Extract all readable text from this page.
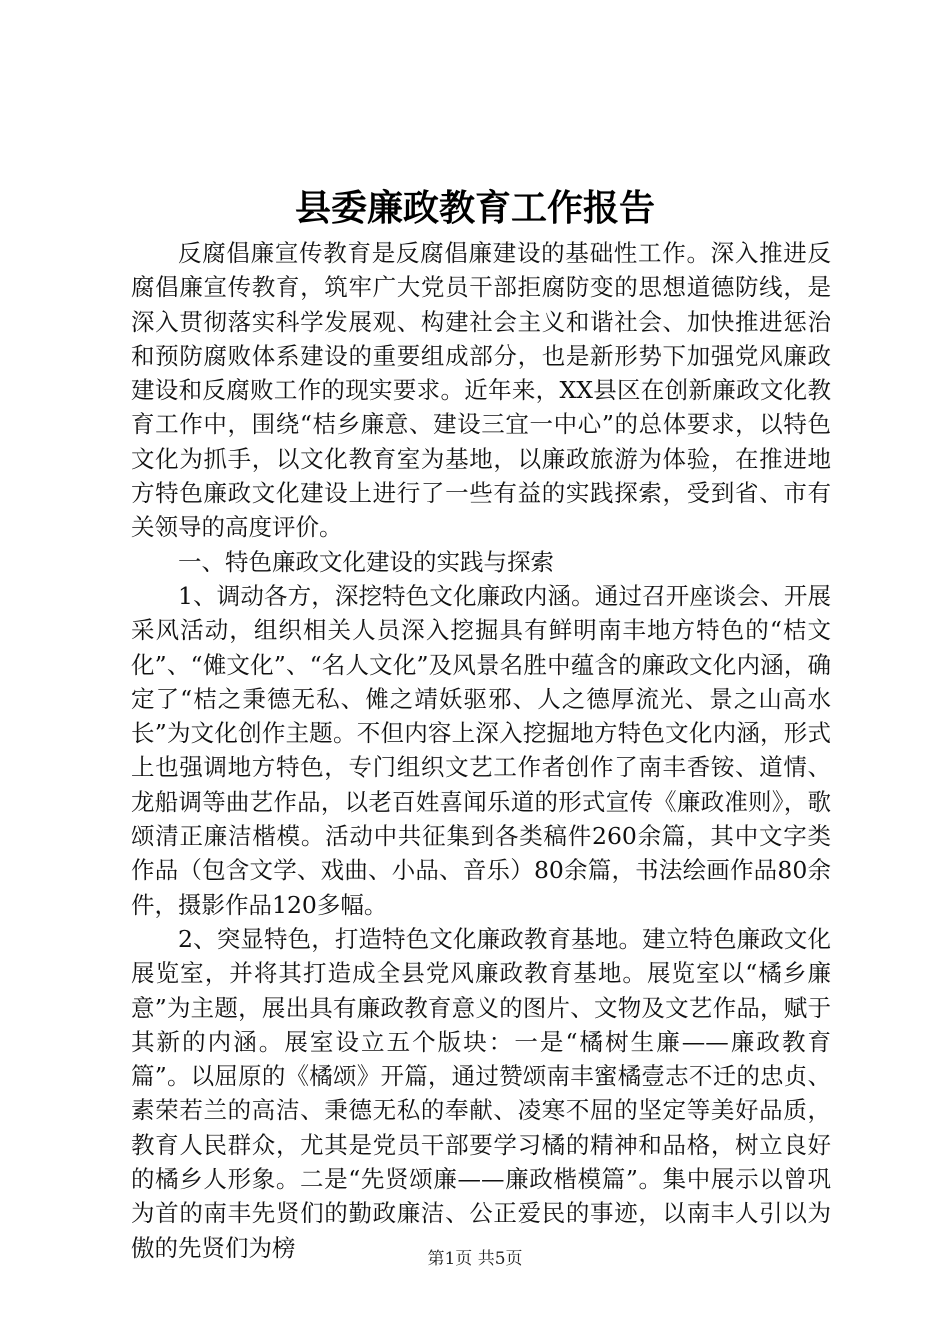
县委廉政教育工作报告

反腐倡廉宣传教育是反腐倡廉建设的基础性工作。深入推进反腐倡廉宣传教育，筑牢广大党员干部拒腐防变的思想道德防线，是深入贯彻落实科学发展观、构建社会主义和谐社会、加快推进惩治和预防腐败体系建设的重要组成部分，也是新形势下加强党风廉政建设和反腐败工作的现实要求。近年来，XX县区在创新廉政文化教育工作中，围绕“桔乡廉意、建设三宜一中心”的总体要求，以特色文化为抓手，以文化教育室为基地，以廉政旅游为体验，在推进地方特色廉政文化建设上进行了一些有益的实践探索，受到省、市有关领导的高度评价。

一、特色廉政文化建设的实践与探索

1、调动各方，深挖特色文化廉政内涵。通过召开座谈会、开展采风活动，组织相关人员深入挖掘具有鲜明南丰地方特色的“桔文化”、“傩文化”、“名人文化”及风景名胜中蕴含的廉政文化内涵，确定了“桔之秉德无私、傩之靖妖驱邪、人之德厚流光、景之山高水长”为文化创作主题。不但内容上深入挖掘地方特色文化内涵，形式上也强调地方特色，专门组织文艺工作者创作了南丰香铵、道情、龙船调等曲艺作品，以老百姓喜闻乐道的形式宣传《廉政准则》，歌颂清正廉洁楷模。活动中共征集到各类稿件260余篇，其中文字类作品（包含文学、戏曲、小品、音乐）80余篇，书法绘画作品80余件，摄影作品120多幅。

2、突显特色，打造特色文化廉政教育基地。建立特色廉政文化展览室，并将其打造成全县党风廉政教育基地。展览室以“橘乡廉意”为主题，展出具有廉政教育意义的图片、文物及文艺作品，赋于其新的内涵。展室设立五个版块：一是“橘树生廉——廉政教育篇”。以屈原的《橘颂》开篇，通过赞颂南丰蜜橘壹志不迁的忠贞、素荣若兰的高洁、秉德无私的奉献、凌寒不屈的坚定等美好品质，教育人民群众，尤其是党员干部要学习橘的精神和品格，树立良好的橘乡人形象。二是“先贤颂廉——廉政楷模篇”。集中展示以曾巩为首的南丰先贤们的勤政廉洁、公正爱民的事迹，以南丰人引以为傲的先贤们为榜	第1页 共5页
